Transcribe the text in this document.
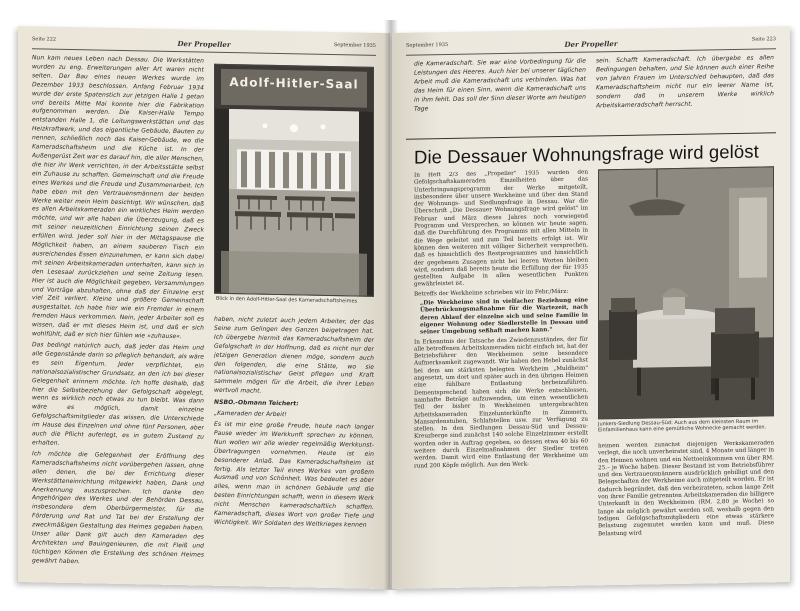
Seite 222	Der Propeller	September 1935

Nun kam neues Leben nach Dessau. Die Werkstätten wurden zu eng. Erweiterungen aller Art waren nicht selten. Der Bau eines neuen Werkes wurde im Dezember 1933 beschlossen. Anfang Februar 1934 wurde der erste Spatenstich zur jetzigen Halle 1 getan und bereits Mitte Mai konnte hier die Fabrikation aufgenommen werden. Die Kaiser-Halle Tempo entstanden Halle 1, die Leitungswerkstätten und das Heizkraftwerk, und das eigentliche Gebäude, Bauten zu nennen, schließlich noch das Kaiser-Gebäude, wo die Kameradschaftsheim und die Küche ist. In der Außengerüst Zeit war es darauf hin, die aller Menschen, die hier ihr Werk verrichten, in der Arbeitsstätte selbst ein Zuhause zu schaffen. Gemeinschaft und die Freude eines Werkes und die Freude und Zusammenarbeit. Ich habe eben mit den Vertrauensmännern der beiden Werke weiter mein Heim besichtigt. Wir wünschen, daß es allen Arbeitskameraden ein wirkliches Heim werden möchte, und wir alle haben die Überzeugung, daß es mit seiner neuzeitlichen Einrichtung seinen Zweck erfüllen wird. Jeder soll hier in der Mittagspause die Möglichkeit haben, an einem sauberen Tisch ein ausreichendes Essen einzunehmen, er kann sich dabei mit seinen Arbeitskameraden unterhalten, kann sich in den Lesesaal zurückziehen und seine Zeitung lesen. Hier ist auch die Möglichkeit gegeben, Versammlungen und Vorträge abzuhalten, ohne daß der Einzelne erst viel Zeit verliert. Kleine und größere Gemeinschaft ausgestaltet. Ich habe hier wie ein Fremder in einem fremden Haus verkommen. Nein, jeder Arbeiter soll es wissen, daß er mit dieses Heim ist, und daß er sich wohlfühlt, daß er sich hier fühlen wie »zuhause«.

Das bedingt natürlich auch, daß jeder das Heim und alle Gegenstände darin so pfleglich behandelt, als wäre es sein Eigentum. Jeder verpflichtet, ein nationalsozialistischer Grundsatz, an den ich bei dieser Gelegenheit erinnern möchte. Ich hoffe deshalb, daß hier die Selbstbeziehung der Gefolgschaft abgelegt, wenn es wirklich noch etwas zu tun bleibt. Was dann wäre es möglich, damit einzelne Gefolgschaftsmitglieder das wissen, die Unterschiede im Hause des Einzelnen und ohne fünf Personen, aber auch die Pflicht auferlegt, es in gutem Zustand zu erhalten.

Ich möchte die Gelegenheit der Eröffnung des Kameradschaftsheims nicht vorübergehen lassen, ohne allen denen, die bei der Errichtung dieser Werkstätteneinrichtung mitgewirkt haben, Dank und Anerkennung auszusprechen. Ich danke den Angehörigen des Werkes und der Behörden Dessau, insbesondere dem Oberbürgermeister, für die Förderung und Rat und Tat bei der Erstellung der zweckmäßigen Gestaltung des Heimes gegeben haben. Unser aller Dank gilt auch den Kameraden des Architekten und Bauingenieuren, die mit Fleiß und tüchtigen Können die Erstellung des schönen Heimes gewährt haben.

Adolf-Hitler-Saal
Blick in den Adolf-Hitler-Saal des Kameradschaftsheimes

haben, nicht zuletzt auch jedem Arbeiter, der das Seine zum Gelingen des Ganzen beigetragen hat. Ich übergebe hiermit das Kameradschaftsheim der Gefolgschaft in der Hoffnung, daß es nicht nur der jetzigen Generation dienen möge, sondern auch den folgenden, die eine Stätte, wo sie nationalsozialistischer Geist pflegen und Kraft sammeln mögen für die Arbeit, die ihrer Leben wertvoll macht.

NSBO.-Obmann Teichert:

„Kameraden der Arbeit!

Es ist mir eine große Freude, heute nach langer Pause wieder im Werkkunft sprechen zu können. Nun wollen wir alle wieder regelmäßig Werkkunst-Übertragungen vornehmen. Heute ist ein besonderer Anlaß. Das Kameradschaftsheim ist fertig. Als letzter Teil eines Werkes von großem Ausmaß und von Schönheit. Was bedeutet es aber alles, wenn man in schönen Gebäude und die besten Einrichtungen schafft, wenn in diesem Werk nicht Menschen kameradschaftlich schaffen. Kameradschaft, dieses Wort von großer Tiefe und Wichtigkeit. Wir Soldaten des Weltkrieges kennen

September 1935	Der Propeller	Seite 223
die Kameradschaft. Sie war eine Vorbedingung für die Leistungen des Heeres. Auch hier bei unserer täglichen Arbeit muß die Kameradschaft uns verbinden. Was hat das Heim für einen Sinn, wenn die Kameradschaft uns in ihm fehlt. Das soll der Sinn dieser Worte am heutigen Tage
sein. Schafft Kameradschaft. Ich übergebe es allen Bedingungen behalten, und Sie können auch einer Reihe von Jahren Frauen im Unterschied behaupten, daß das Kameradschaftsheim nicht nur ein leerer Name ist, sondern daß in unserem Werke wirklich Arbeitskameradschaft herrscht.
Die Dessauer Wohnungsfrage wird gelöst

In Heft 2/3 des „Propeller" 1935 wurden den Gefolgschaftskameraden Einzelheiten über das Unterbringungsprogramm der Werke mitgeteilt, insbesondere über unsere Werkheime und über den Stand der Wohnungs- und Siedlungsfrage in Dessau. War die Überschrift „Die Dessauer Wohnungsfrage wird gelöst" im Februar und März dieses Jahres noch vorwiegend Programm und Versprechen, so können wir heute sagen, daß die Durchführung des Programms mit allen Mitteln in die Wege geleitet und zum Teil bereits erfolgt ist. Wir können den weiteren mit völliger Sicherheit versprechen, daß es hinsichtlich des Restprogrammes und hinsichtlich der gegebenen Zusagen nicht bei leeren Worten bleiben wird, sondern daß bereits heute die Erfüllung der für 1935 gestellten Aufgabe in allen wesentlichen Punkten gewährleistet ist.

Betreffs der Werkheime schrieben wir im Febr./März:

„Die Werkheime sind in vielfacher Beziehung eine Überbrückungsmaßnahme für die Wartezeit, nach deren Ablauf der einzelne sich und seine Familie in eigener Wohnung oder Siedlerstelle in Dessau und seiner Umgebung seßhaft machen kann."

In Erkenntnis der Tatsache des Zwiedenzuständes, der für alle betroffenen Arbeitskameraden nicht einfach ist, hat der Betriebsführer den Werkheimen seine besondere Aufmerksamkeit zugewandt. Wir haben den Hebel zunächst bei dem am stärksten belegten Werkheim „Muldheim" angesetzt, um dort und später auch in den übrigen Heimen eine fühlbare Entlastung herbeizuführen. Dementsprechend haben sich die Werke entschlossen, namhafte Beträge aufzuwenden, um einen wesentlichen Teil der bisher in Werkheimen untergebrachten Arbeitskameraden Einzelunterkünfte in Zimmern, Mansardenstuben, Schlafstellen usw. zur Verfügung zu stellen. In den Siedlungen Dessau-Süd und Dessau-Kreuzberge sind zunächst 140 solche Einzelzimmer erstellt worden oder in Auftrag gegeben, so dessen etwa 40 bis 60 weitere durch Einzelmaßnahmen der Siedler treten werden. Damit wird eine Entlastung der Werkheime um rund 200 Köpfe möglich. Aus den Werk-

Junkers-Siedlung Dessau-Süd: Auch aus dem kleinsten Raum im Einfamilienhaus kann eine gemütliche Wohnecke gemacht werden.

heimen werden zunächst diejenigen Werkskameraden verlegt, die noch unverheiratet sind, 4 Monate und länger in den Heimen wohnen und ein Nettoeinkommen von über RM. 25.– je Woche haben. Dieser Bestand ist vom Betriebsführer und den Vertrauensmännern ausdrücklich gebilligt und den Belegschaften der Werkheime auch mitgeteilt worden. Er ist dadurch begründet, daß den verheirateten, schon lange Zeit von ihrer Familie getrennten Arbeitskameraden die billigere Unterkunft in den Werkheimen (RM. 2,80 je Woche) so lange als möglich gewährt werden soll, weshalb gegen den ledigen Gefolgschaftsmitgliedern eine etwas stärkere Belastung zugemutet werden kann und muß. Diese Belastung wird
